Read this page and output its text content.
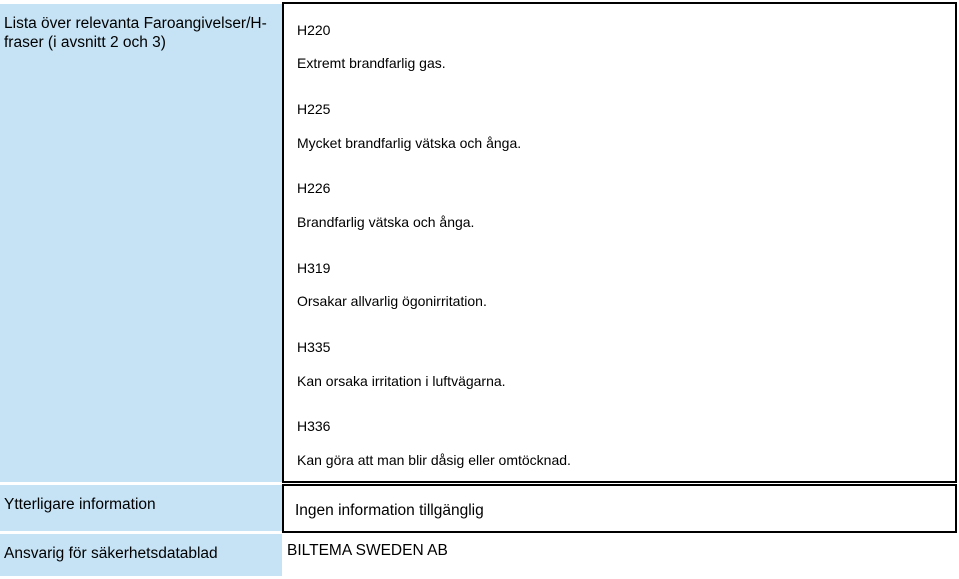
Lista över relevanta Faroangivelser/H-fraser (i avsnitt 2 och 3)
H220
Extremt brandfarlig gas.
H225
Mycket brandfarlig vätska och ånga.
H226
Brandfarlig vätska och ånga.
H319
Orsakar allvarlig ögonirritation.
H335
Kan orsaka irritation i luftvägarna.
H336
Kan göra att man blir dåsig eller omtöcknad.
Ytterligare information	Ingen information tillgänglig
Ansvarig för säkerhetsdatablad	BILTEMA SWEDEN AB
